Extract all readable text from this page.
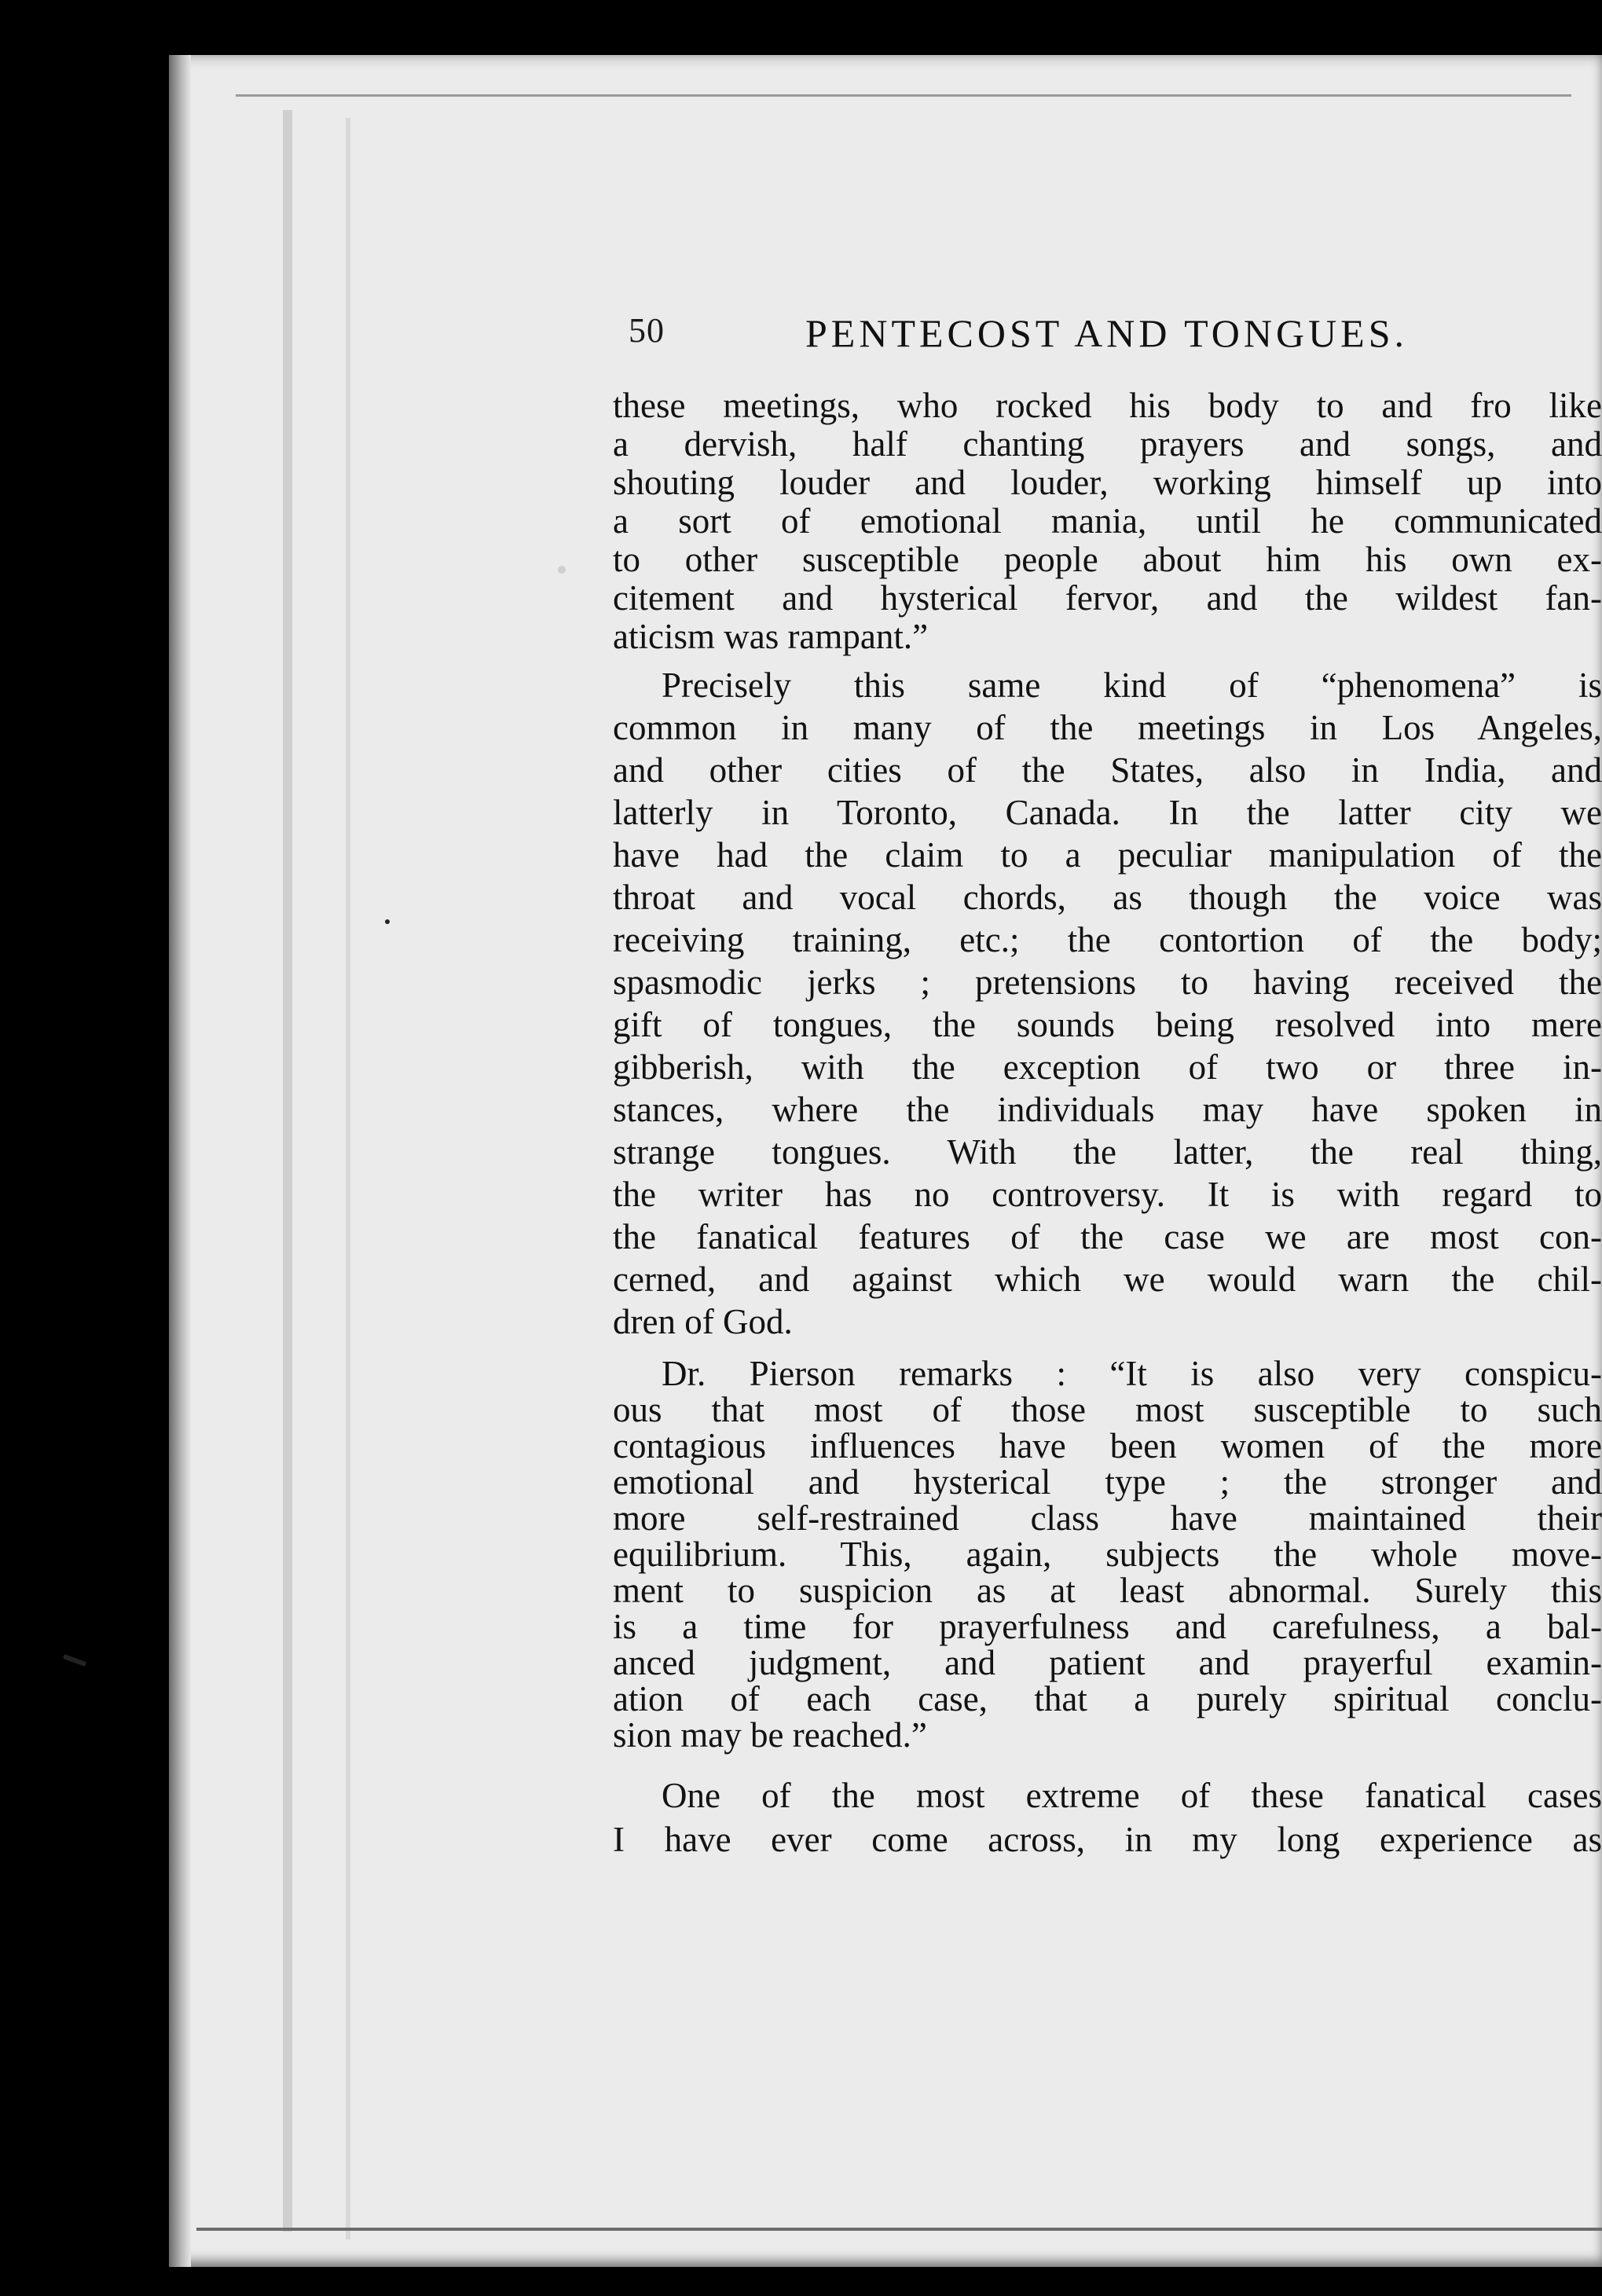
50	PENTECOST AND TONGUES.
these meetings, who rocked his body to and fro like
a dervish, half chanting prayers and songs, and
shouting louder and louder, working himself up into
a sort of emotional mania, until he communicated
to other susceptible people about him his own ex-
citement and hysterical fervor, and the wildest fan-
aticism was rampant.”
Precisely this same kind of “phenomena” is
common in many of the meetings in Los Angeles,
and other cities of the States, also in India, and
latterly in Toronto, Canada. In the latter city we
have had the claim to a peculiar manipulation of the
throat and vocal chords, as though the voice was
receiving training, etc.; the contortion of the body;
spasmodic jerks ; pretensions to having received the
gift of tongues, the sounds being resolved into mere
gibberish, with the exception of two or three in-
stances, where the individuals may have spoken in
strange tongues. With the latter, the real thing,
the writer has no controversy. It is with regard to
the fanatical features of the case we are most con-
cerned, and against which we would warn the chil-
dren of God.
Dr. Pierson remarks : “It is also very conspicu-
ous that most of those most susceptible to such
contagious influences have been women of the more
emotional and hysterical type ; the stronger and
more self-restrained class have maintained their
equilibrium. This, again, subjects the whole move-
ment to suspicion as at least abnormal. Surely this
is a time for prayerfulness and carefulness, a bal-
anced judgment, and patient and prayerful examin-
ation of each case, that a purely spiritual conclu-
sion may be reached.”
One of the most extreme of these fanatical cases
I have ever come across, in my long experience as
